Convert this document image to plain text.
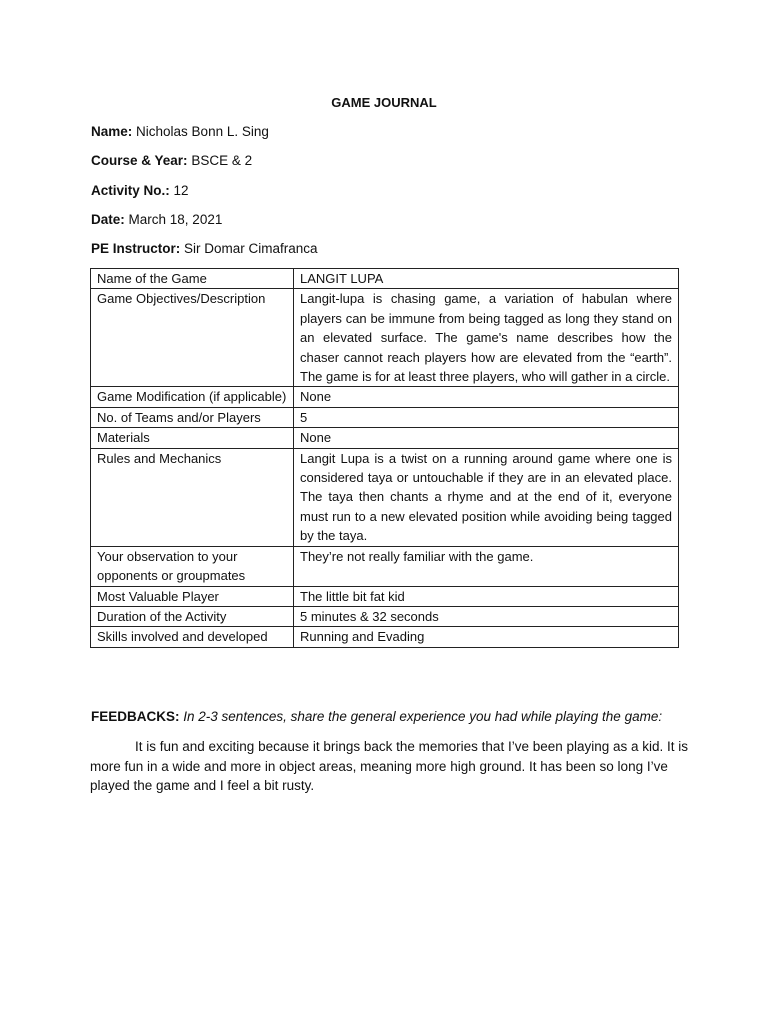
GAME JOURNAL
Name: Nicholas Bonn L. Sing
Course & Year: BSCE & 2
Activity No.: 12
Date: March 18, 2021
PE Instructor: Sir Domar Cimafranca
Name of the Game	LANGIT LUPA
Game Objectives/Description	Langit-lupa is chasing game, a variation of habulan where players can be immune from being tagged as long they stand on an elevated surface. The game's name describes how the chaser cannot reach players how are elevated from the “earth”. The game is for at least three players, who will gather in a circle.
Game Modification (if applicable)	None
No. of Teams and/or Players	5
Materials	None
Rules and Mechanics	Langit Lupa is a twist on a running around game where one is considered taya or untouchable if they are in an elevated place. The taya then chants a rhyme and at the end of it, everyone must run to a new elevated position while avoiding being tagged by the taya.
Your observation to your opponents or groupmates	They’re not really familiar with the game.
Most Valuable Player	The little bit fat kid
Duration of the Activity	5 minutes & 32 seconds
Skills involved and developed	Running and Evading
FEEDBACKS: In 2-3 sentences, share the general experience you had while playing the game:
It is fun and exciting because it brings back the memories that I’ve been playing as a kid. It is more fun in a wide and more in object areas, meaning more high ground. It has been so long I’ve played the game and I feel a bit rusty.
